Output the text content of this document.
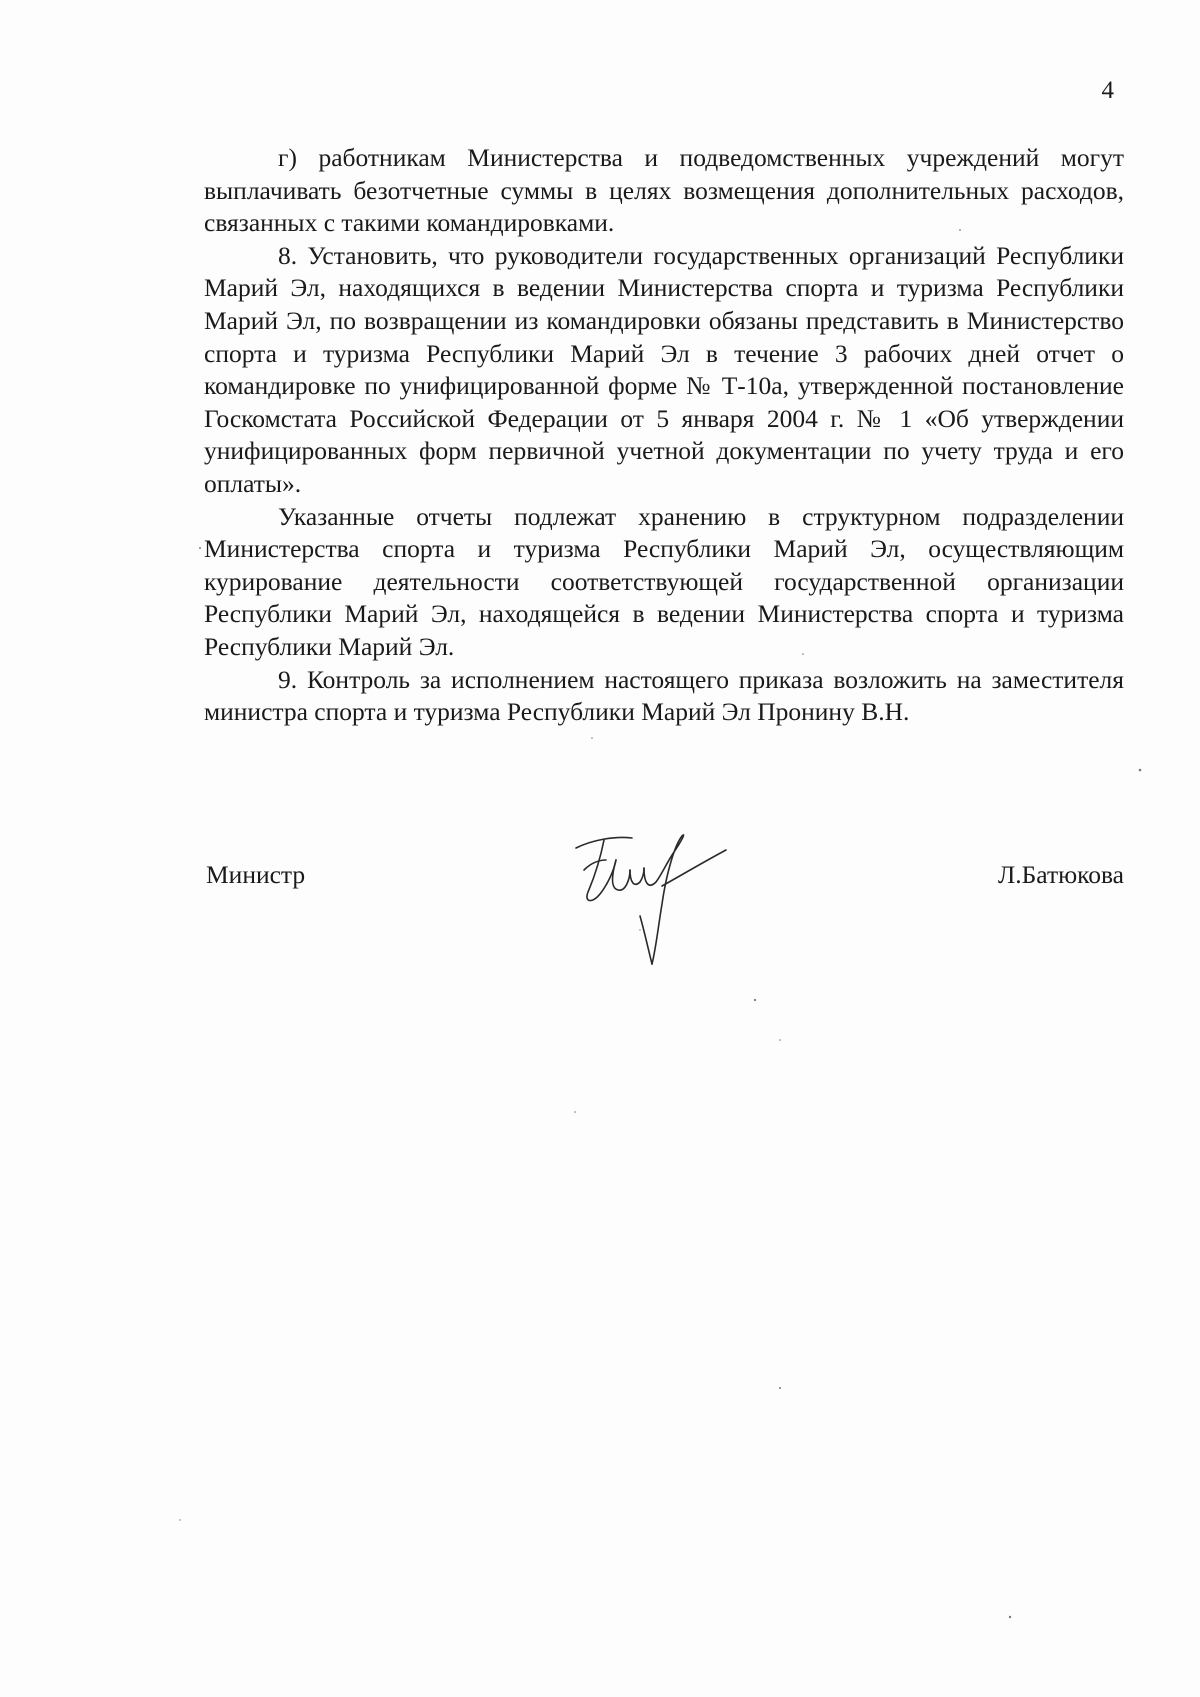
4

г) работникам Министерства и подведомственных учреждений могут выплачивать безотчетные суммы в целях возмещения дополнительных расходов, связанных с такими командировками.

8. Установить, что руководители государственных организаций Республики Марий Эл, находящихся в ведении Министерства спорта и туризма Республики Марий Эл, по возвращении из командировки обязаны представить в Министерство спорта и туризма Республики Марий Эл в течение 3 рабочих дней отчет о командировке по унифицированной форме № Т-10а, утвержденной постановление Госкомстата Российской Федерации от 5 января 2004 г. № 1 «Об утверждении унифицированных форм первичной учетной документации по учету труда и его оплаты».

Указанные отчеты подлежат хранению в структурном подразделении Министерства спорта и туризма Республики Марий Эл, осуществляющим курирование деятельности соответствующей государственной организации Республики Марий Эл, находящейся в ведении Министерства спорта и туризма Республики Марий Эл.

9. Контроль за исполнением настоящего приказа возложить на заместителя министра спорта и туризма Республики Марий Эл Пронину В.Н.

Министр	Л.Батюкова
